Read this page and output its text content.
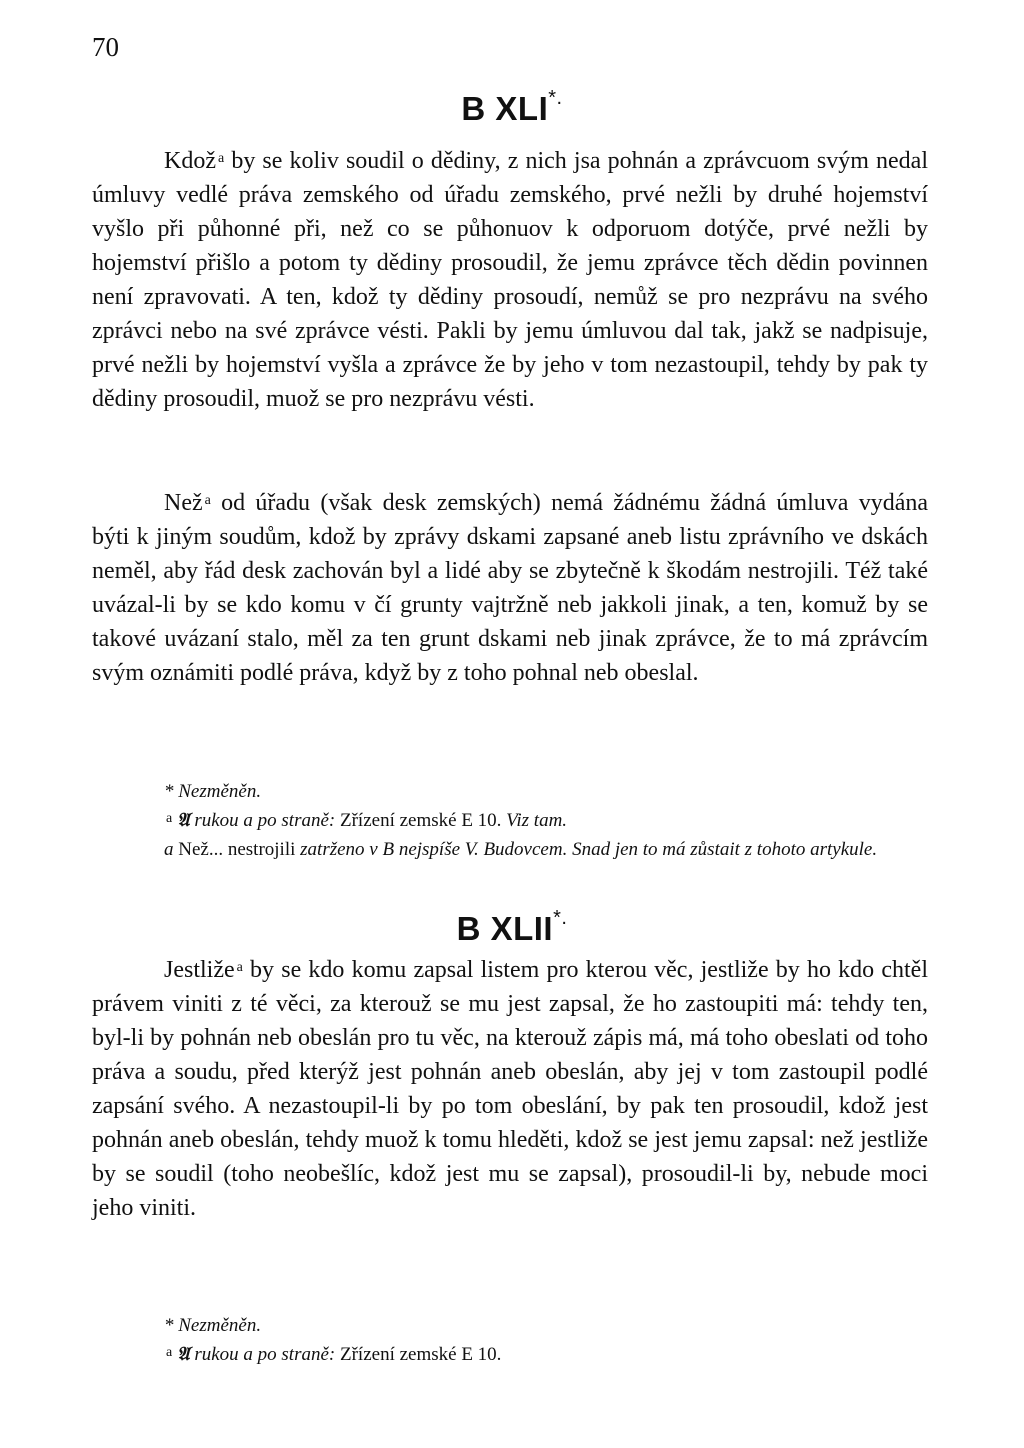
70
B XLI*.

Kdož $^a$ by se koliv soudil o dědiny, z nich jsa pohnán a zprávcuom svým nedal úmluvy vedlé práva zemského od úřadu zemského, prvé nežli by druhé hojemství vyšlo při půhonné při, než co se půhonuov k odporuom dotýče, prvé nežli by hojemství přišlo a potom ty dědiny prosoudil, že jemu zprávce těch dědin povinnen není zpravovati. A ten, kdož ty dědiny prosoudí, nemůž se pro nezprávu na svého zprávci nebo na své zprávce vésti. Pakli by jemu úmluvou dal tak, jakž se nadpisuje, prvé nežli by hojemství vyšla a zprávce že by jeho v tom nezastoupil, tehdy by pak ty dědiny prosoudil, muož se pro nezprávu vésti.

Než $^a$ od úřadu (však desk zemských) nemá žádnému žádná úmluva vydána býti k jiným soudům, kdož by zprávy dskami zapsané aneb listu zprávního ve dskách neměl, aby řád desk zachován byl a lidé aby se zbytečně k škodám nestrojili. Též také uvázal-li by se kdo komu v čí grunty vajtržně neb jakkoli jinak, a ten, komuž by se takové uvázaní stalo, měl za ten grunt dskami neb jinak zprávce, že to má zprávcím svým oznámiti podlé práva, když by z toho pohnal neb obeslal.

* Nezměněn.

$^a$ 𝔄 rukou a po straně: Zřízení zemské E 10. Viz tam.

a Než... nestrojili zatrženo v B nejspíše V. Budovcem. Snad jen to má zůstait z tohoto artykule.

B XLII*.

Jestliže $^a$ by se kdo komu zapsal listem pro kterou věc, jestliže by ho kdo chtěl právem viniti z té věci, za kterouž se mu jest zapsal, že ho zastoupiti má: tehdy ten, byl-li by pohnán neb obeslán pro tu věc, na kterouž zápis má, má toho obeslati od toho práva a soudu, před kterýž jest pohnán aneb obeslán, aby jej v tom zastoupil podlé zapsání svého. A nezastoupil-li by po tom obeslání, by pak ten prosoudil, kdož jest pohnán aneb obeslán, tehdy muož k tomu hleděti, kdož se jest jemu zapsal: než jestliže by se soudil (toho neobešlíc, kdož jest mu se zapsal), prosoudil-li by, nebude moci jeho viniti.

* Nezměněn.

$^a$ 𝔄 rukou a po straně: Zřízení zemské E 10.
